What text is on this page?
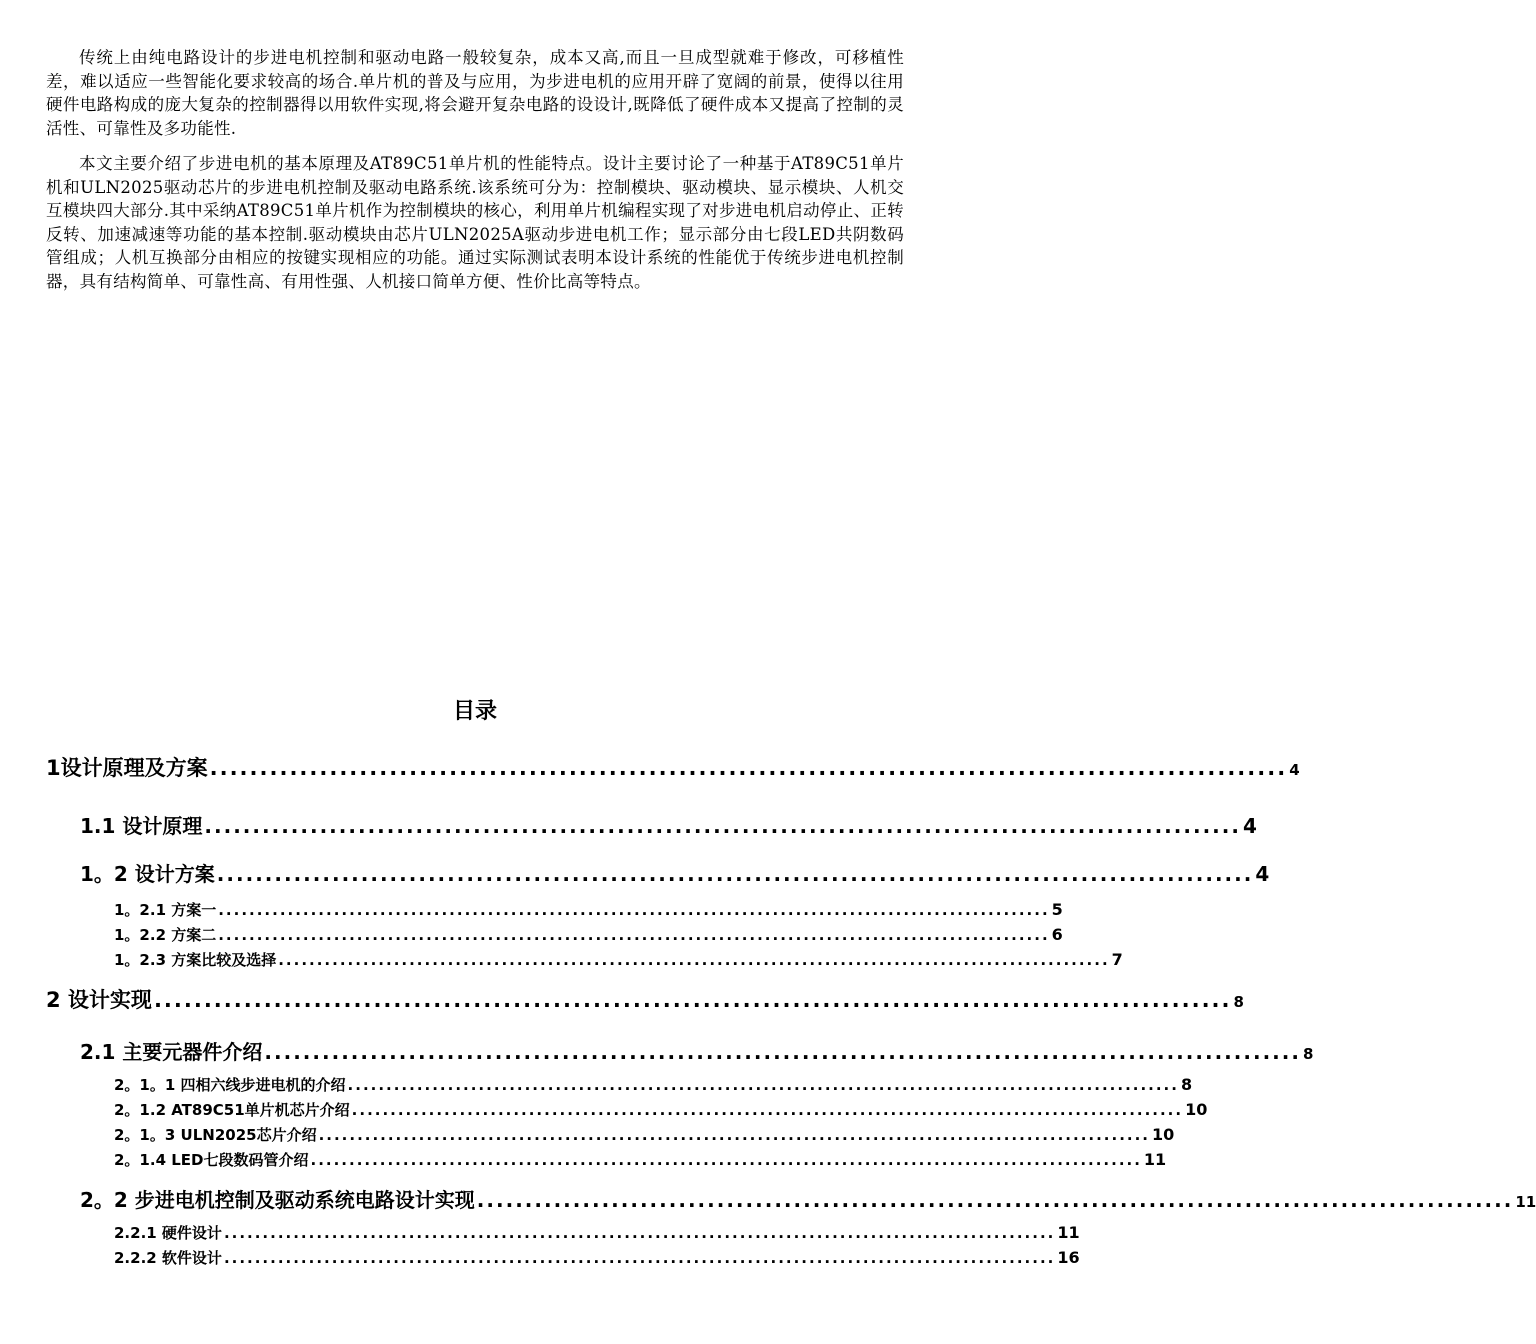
传统上由纯电路设计的步进电机控制和驱动电路一般较复杂，成本又高,而且一旦成型就难于修改，可移植性差，难以适应一些智能化要求较高的场合.单片机的普及与应用，为步进电机的应用开辟了宽阔的前景，使得以往用硬件电路构成的庞大复杂的控制器得以用软件实现,将会避开复杂电路的设设计,既降低了硬件成本又提高了控制的灵活性、可靠性及多功能性.

本文主要介绍了步进电机的基本原理及AT89C51单片机的性能特点。设计主要讨论了一种基于AT89C51单片机和ULN2025驱动芯片的步进电机控制及驱动电路系统.该系统可分为：控制模块、驱动模块、显示模块、人机交互模块四大部分.其中采纳AT89C51单片机作为控制模块的核心，利用单片机编程实现了对步进电机启动停止、正转反转、加速减速等功能的基本控制.驱动模块由芯片ULN2025A驱动步进电机工作；显示部分由七段LED共阴数码管组成；人机互换部分由相应的按键实现相应的功能。通过实际测试表明本设计系统的性能优于传统步进电机控制器，具有结构简单、可靠性高、有用性强、人机接口简单方便、性价比高等特点。

目录
1设计原理及方案 ............................................................................................................ 4
1.1 设计原理 ............................................................................................................ 4
1。2 设计方案 ............................................................................................................ 4
1。2.1 方案一 ............................................................................................................ 5
1。2.2 方案二 ............................................................................................................ 6
1。2.3 方案比较及选择 ............................................................................................................ 7
2 设计实现 ............................................................................................................ 8
2.1 主要元器件介绍 ............................................................................................................ 8
2。1。1 四相六线步进电机的介绍 ............................................................................................................ 8
2。1.2 AT89C51单片机芯片介绍 ............................................................................................................ 10
2。1。3 ULN2025芯片介绍 ............................................................................................................ 10
2。1.4 LED七段数码管介绍 ............................................................................................................ 11
2。2 步进电机控制及驱动系统电路设计实现 ............................................................................................................ 11
2.2.1 硬件设计 ............................................................................................................ 11
2.2.2 软件设计 ............................................................................................................ 16
